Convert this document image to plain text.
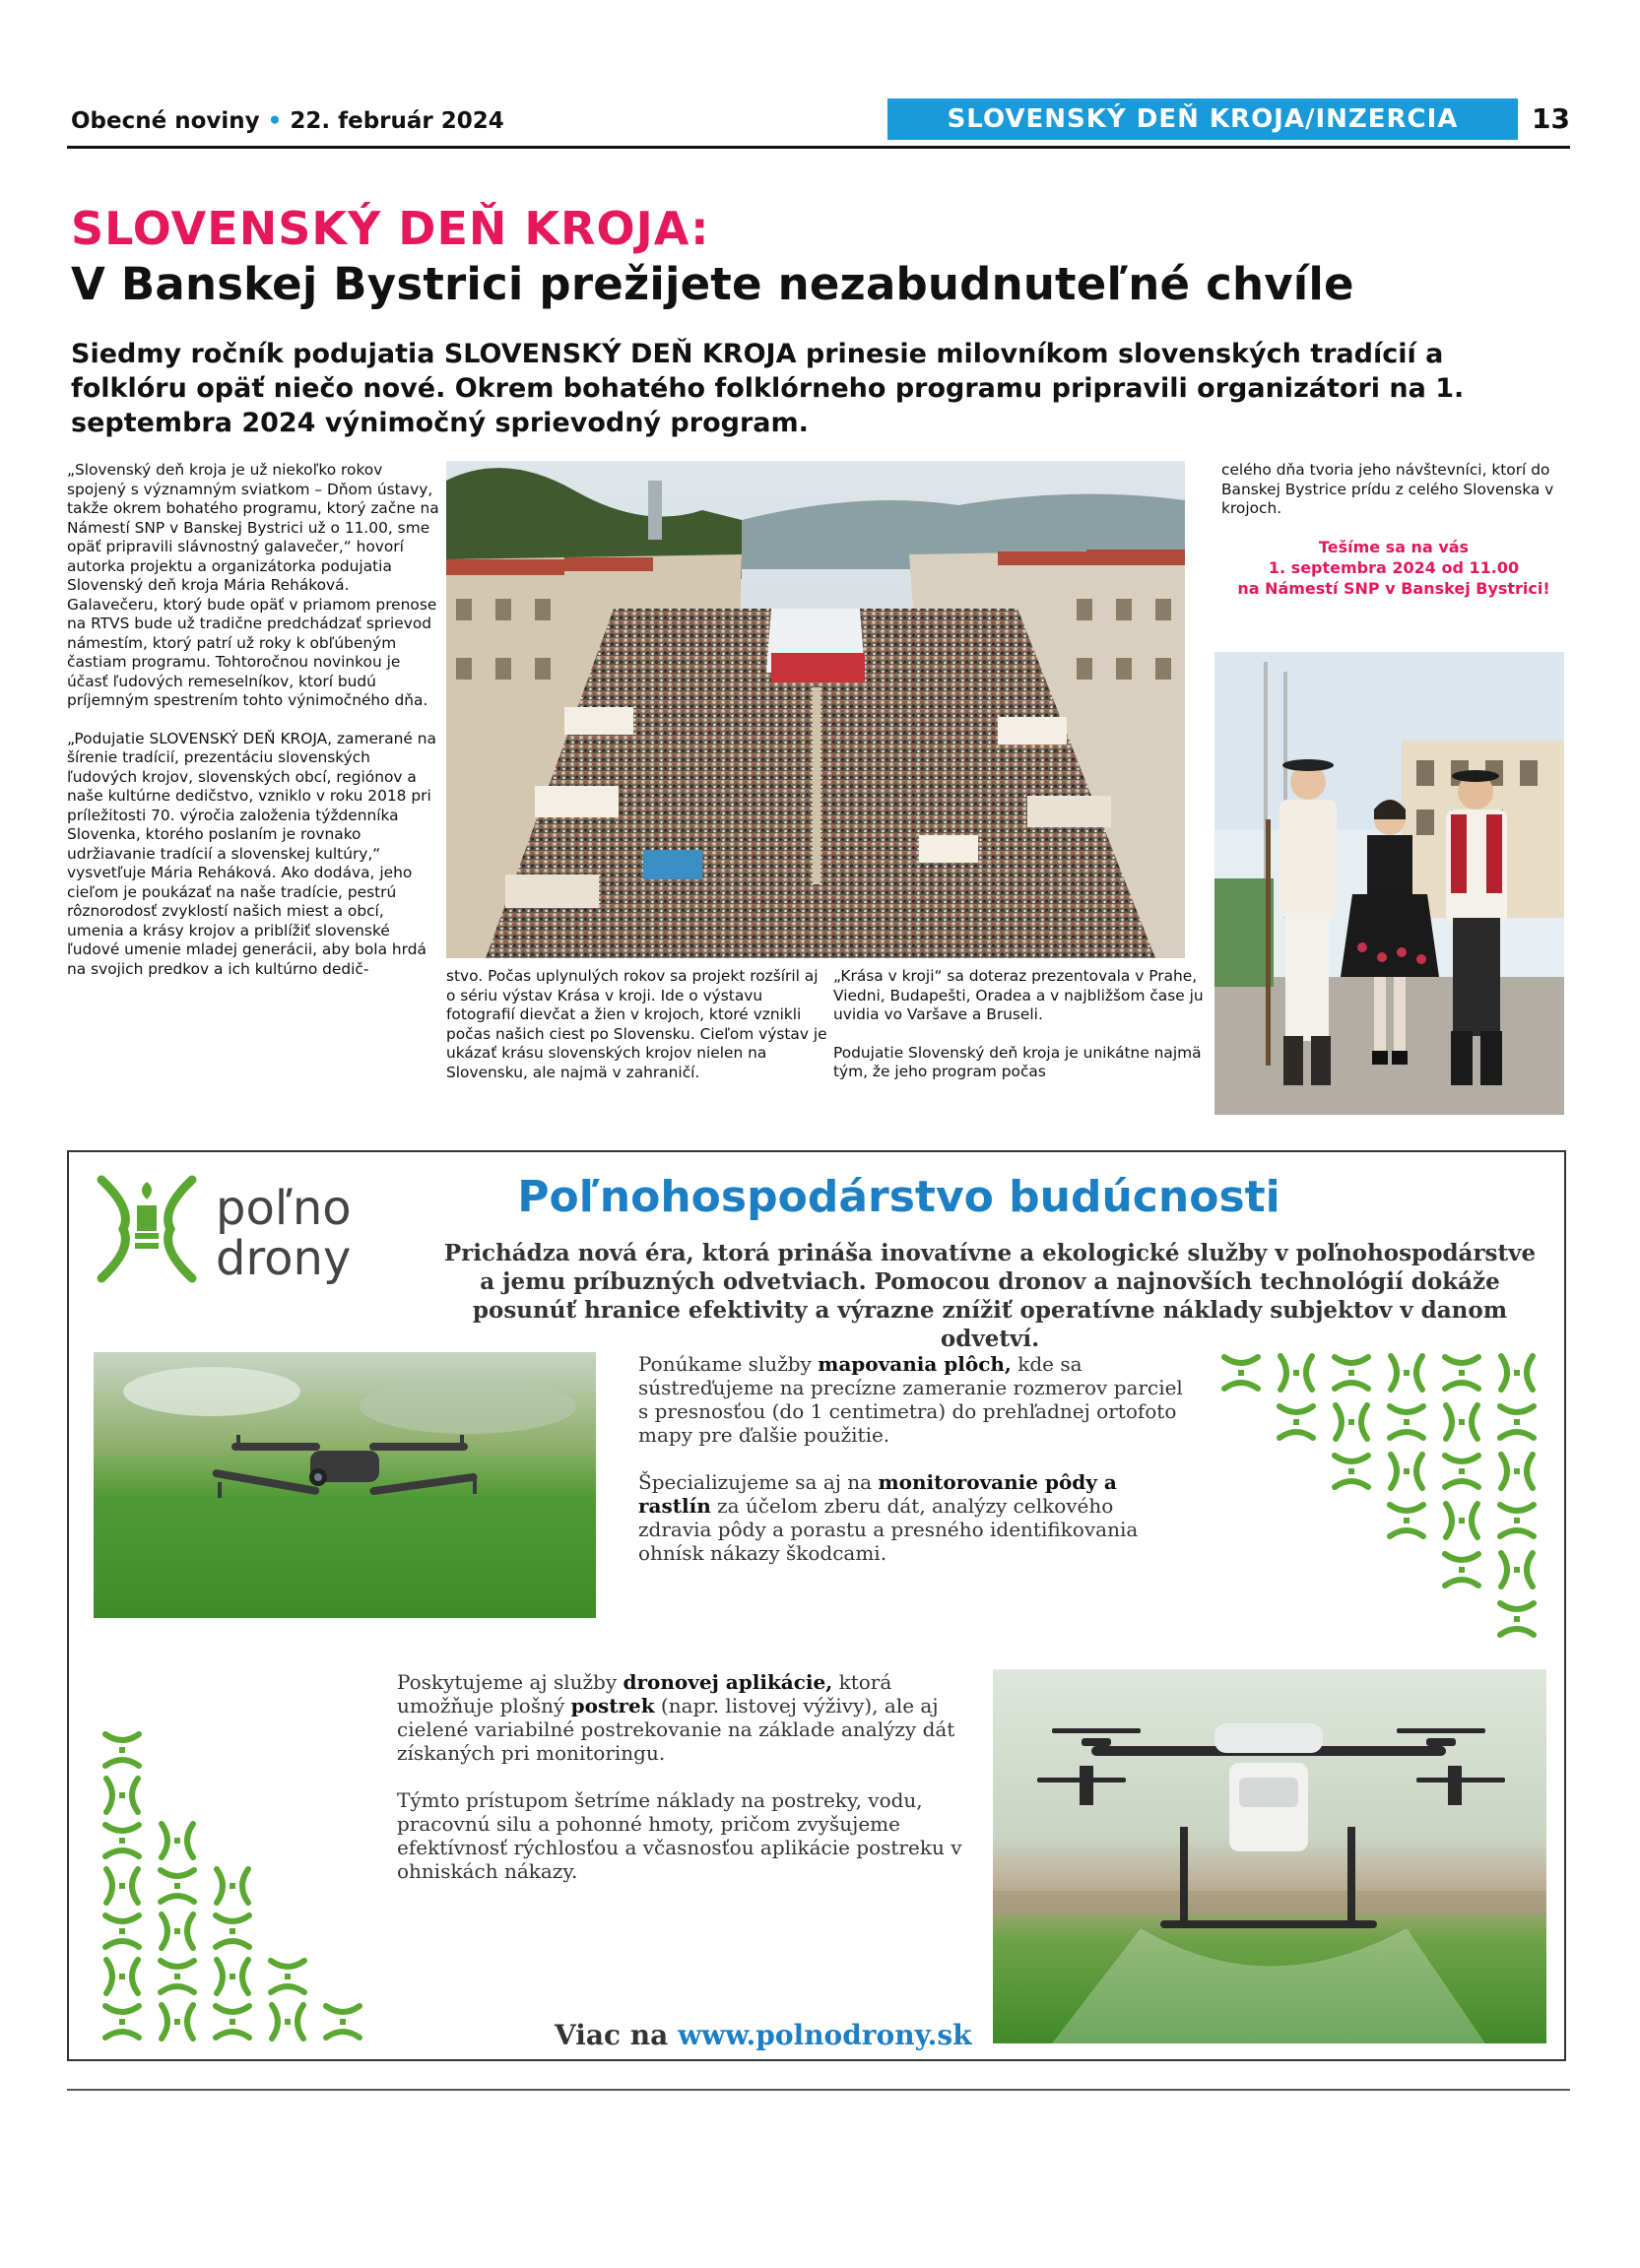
Obecné noviny • 22. február 2024	SLOVENSKÝ DEŇ KROJA/INZERCIA	13
SLOVENSKÝ DEŇ KROJA:
V Banskej Bystrici prežijete nezabudnuteľné chvíle
Siedmy ročník podujatia SLOVENSKÝ DEŇ KROJA prinesie milovníkom slovenských tradícií a folklóru opäť niečo nové. Okrem bohatého folklórneho programu pripravili organizátori na 1. septembra 2024 výnimočný sprievodný program.

„Slovenský deň kroja je už niekoľko rokov spojený s významným sviatkom – Dňom ústavy, takže okrem bohatého programu, ktorý začne na Námestí SNP v Banskej Bystrici už o 11.00, sme opäť pripravili slávnostný galavečer,“ hovorí autorka projektu a organizátorka podujatia Slovenský deň kroja Mária Reháková. Galavečeru, ktorý bude opäť v priamom prenose na RTVS bude už tradične predchádzať sprievod námestím, ktorý patrí už roky k obľúbeným častiam programu. Tohtoročnou novinkou je účasť ľudových remeselníkov, ktorí budú príjemným spestrením tohto výnimočného dňa.

„Podujatie SLOVENSKÝ DEŇ KROJA, zamerané na šírenie tradícií, prezentáciu slovenských ľudových krojov, slovenských obcí, regiónov a naše kultúrne dedičstvo, vzniklo v roku 2018 pri príležitosti 70. výročia založenia týždenníka Slovenka, ktorého poslaním je rovnako udržiavanie tradícií a slovenskej kultúry,“ vysvetľuje Mária Reháková. Ako dodáva, jeho cieľom je poukázať na naše tradície, pestrú rôznorodosť zvyklostí našich miest a obcí, umenia a krásy krojov a priblížiť slovenské ľudové umenie mladej generácii, aby bola hrdá na svojich predkov a ich kultúrno dedič-	stvo. Počas uplynulých rokov sa projekt rozšíril aj o sériu výstav Krása v kroji. Ide o výstavu fotografií dievčat a žien v krojoch, ktoré vznikli počas našich ciest po Slovensku. Cieľom výstav je ukázať krásu slovenských krojov nielen na Slovensku, ale najmä v zahraničí.

„Krása v kroji“ sa doteraz prezentovala v Prahe, Viedni, Budapešti, Oradea a v najbližšom čase ju uvidia vo Varšave a Bruseli.

Podujatie Slovenský deň kroja je unikátne najmä tým, že jeho program počas

celého dňa tvoria jeho návštevníci, ktorí do Banskej Bystrice prídu z celého Slovenska v krojoch.

Tešíme sa na vás
1. septembra 2024 od 11.00
na Námestí SNP v Banskej Bystrici!
poľno
drony
Poľnohospodárstvo budúcnosti
Prichádza nová éra, ktorá prináša inovatívne a ekologické služby v poľnohospodárstve a jemu príbuzných odvetviach. Pomocou dronov a najnovších technológií dokáže posunúť hranice efektivity a výrazne znížiť operatívne náklady subjektov v danom odvetví.

Ponúkame služby mapovania plôch, kde sa sústreďujeme na precízne zameranie rozmerov parciel s presnosťou (do 1 centimetra) do prehľadnej ortofoto mapy pre ďalšie použitie.

Špecializujeme sa aj na monitorovanie pôdy a rastlín za účelom zberu dát, analýzy celkového zdravia pôdy a porastu a presného identifikovania ohnísk nákazy škodcami.

Poskytujeme aj služby dronovej aplikácie, ktorá umožňuje plošný postrek (napr. listovej výživy), ale aj cielené variabilné postrekovanie na základe analýzy dát získaných pri monitoringu.

Týmto prístupom šetríme náklady na postreky, vodu, pracovnú silu a pohonné hmoty, pričom zvyšujeme efektívnosť rýchlosťou a včasnosťou aplikácie postreku v ohniskách nákazy.

Viac na www.polnodrony.sk
